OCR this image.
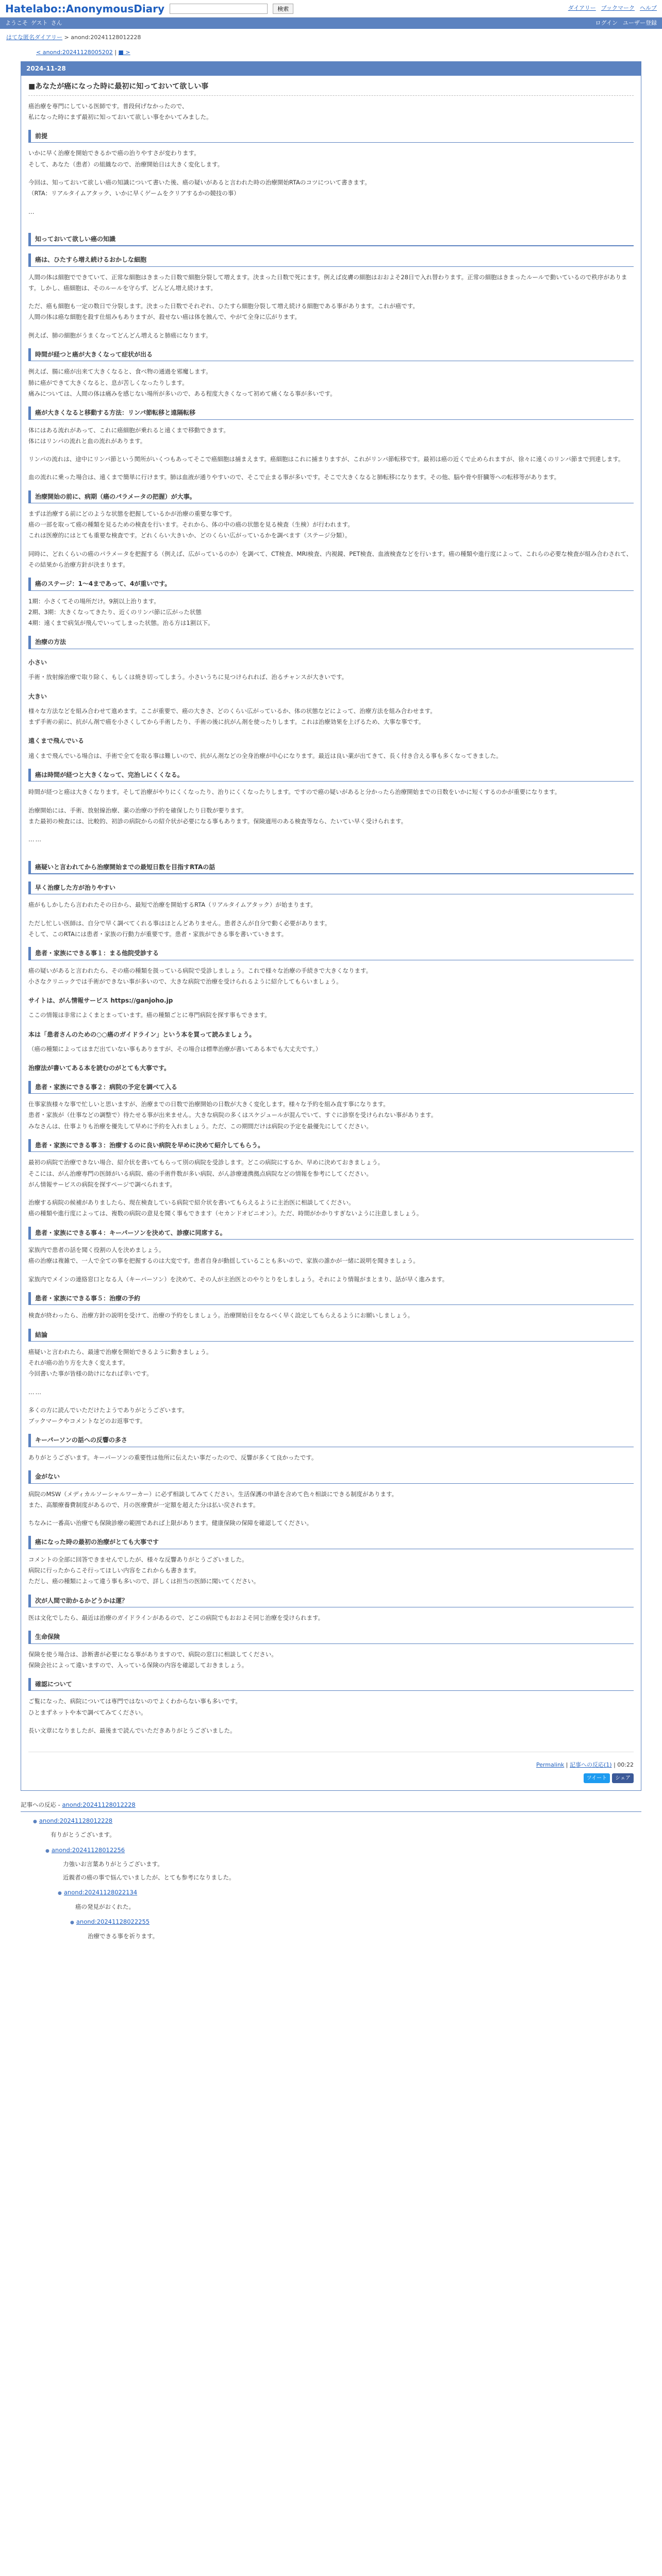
Hatelabo::AnonymousDiary	検索	ダイアリー ブックマーク ヘルプ
ようこそ ゲスト さん	ログイン ユーザー登録
はてな匿名ダイアリー > anond:20241128012228
< anond:20241128005202 | ■ >
2024-11-28
■あなたが癌になった時に最初に知っておいて欲しい事

癌治療を専門にしている医師です。普段何げなかったので、
私になった時にまず最初に知っておいて欲しい事をかいてみました。

前提

いかに早く治療を開始できるかで癌の治りやすさが変わります。
そして、あなた（患者）の組織なので、治療開始日は大きく変化します。

今回は、知っておいて欲しい癌の知識について書いた後、癌の疑いがあると言われた時の治療開始RTAのコツについて書きます。
（RTA：リアルタイムアタック、いかに早くゲームをクリアするかの競技の事）

…

知っておいて欲しい癌の知識
癌は、ひたすら増え続けるおかしな細胞

人間の体は細胞でできていて、正常な細胞はきまった日数で細胞分裂して増えます。決まった日数で死にます。例えば皮膚の細胞はおおよそ28日で入れ替わります。正常の細胞はきまったルールで動いているので秩序があります。しかし、癌細胞は、そのルールを守らず、どんどん増え続けます。

ただ、癌も細胞も一定の数日で分裂します。決まった日数でそれぞれ、ひたすら細胞分裂して増え続ける細胞である事があります。これが癌です。
人間の体は癌な細胞を殺す仕組みもありますが、殺せない癌は体を蝕んで、やがて全身に広がります。

例えば、肺の細胞がうまくなってどんどん増えると肺癌になります。

時間が経つと癌が大きくなって症状が出る

例えば、腸に癌が出来て大きくなると、食べ物の通過を邪魔します。
肺に癌ができて大きくなると、息が苦しくなったりします。
痛みについては、人間の体は痛みを感じない場所が多いので、ある程度大きくなって初めて痛くなる事が多いです。

癌が大きくなると移動する方法：リンパ節転移と遠隔転移

体にはある流れがあって、これに癌細胞が乗れると遠くまで移動できます。
体にはリンパの流れと血の流れがあります。

リンパの流れは、途中にリンパ節という関所がいくつもあってそこで癌細胞は捕まえます。癌細胞はこれに捕まりますが、これがリンパ節転移です。最初は癌の近くで止められますが、徐々に遠くのリンパ節まで到達します。

血の流れに乗った場合は、遠くまで簡単に行けます。肺は血液が通りやすいので、そこで止まる事が多いです。そこで大きくなると肺転移になります。その他、脳や骨や肝臓等への転移等があります。

治療開始の前に、病期（癌のパラメータの把握）が大事。

まずは治療する前にどのような状態を把握しているかが治療の重要な事です。
癌の一部を取って癌の種類を見るための検査を行います。それから、体の中の癌の状態を見る検査（生検）が行われます。
これは医療的にはとても重要な検査です。どれくらい大きいか、どのくらい広がっているかを調べます（ステージ分類）。

同時に、どれくらいの癌のパラメータを把握する（例えば、広がっているのか）を調べて、CT検査、MRI検査、内視鏡、PET検査、血液検査などを行います。癌の種類や進行度によって、これらの必要な検査が組み合わされて、その結果から治療方針が決まります。

癌のステージ：1～4まであって、4が重いです。

1期：小さくてその場所だけ。9割以上治ります。
2期、3期：大きくなってきたり、近くのリンパ節に広がった状態
4期：遠くまで病気が飛んでいってしまった状態。治る方は1割以下。

治療の方法
小さい

手術・放射線治療で取り除く、もしくは焼き切ってしまう。小さいうちに見つけられれば、治るチャンスが大きいです。

大きい

様々な方法などを組み合わせて進めます。ここが重要で、癌の大きさ、どのくらい広がっているか、体の状態などによって、治療方法を組み合わせます。
まず手術の前に、抗がん剤で癌を小さくしてから手術したり、手術の後に抗がん剤を使ったりします。これは治療効果を上げるため、大事な事です。

遠くまで飛んでいる

遠くまで飛んでいる場合は、手術で全てを取る事は難しいので、抗がん剤などの全身治療が中心になります。最近は良い薬が出てきて、長く付き合える事も多くなってきました。

癌は時間が経つと大きくなって、完治しにくくなる。

時間が経つと癌は大きくなります。そして治療がやりにくくなったり、治りにくくなったりします。ですので癌の疑いがあると分かったら治療開始までの日数をいかに短くするのかが重要になります。

治療開始には、手術、放射線治療、薬の治療の予約を確保したり日数が要ります。
また最初の検査には、比較的、初診の病院からの紹介状が必要になる事もあります。保険適用のある検査等なら、たいてい早く受けられます。

……

癌疑いと言われてから治療開始までの最短日数を目指すRTAの話
早く治療した方が治りやすい

癌がもしかしたら言われたその日から、最短で治療を開始するRTA（リアルタイムアタック）が始まります。

ただし忙しい医師は、自分で早く調べてくれる事はほとんどありません。患者さんが自分で動く必要があります。
そして、このRTAには患者・家族の行動力が重要です。患者・家族ができる事を書いていきます。

患者・家族にできる事１：まる他院受診する

癌の疑いがあると言われたら、その癌の種類を扱っている病院で受診しましょう。これで様々な治療の手続きで大きくなります。
小さなクリニックでは手術ができない事が多いので、大きな病院で治療を受けられるように紹介してもらいましょう。

サイトは、がん情報サービス https://ganjoho.jp

ここの情報は非常によくまとまっています。癌の種類ごとに専門病院を探す事もできます。

本は「患者さんのための○○癌のガイドライン」という本を買って読みましょう。

（癌の種類によってはまだ出ていない事もありますが、その場合は標準治療が書いてある本でも大丈夫です。）

治療法が書いてある本を読むのがとても大事です。
患者・家族にできる事２：病院の予定を調べて入る

仕事家族様々な事で忙しいと思いますが、治療までの日数で治療開始の日数が大きく変化します。様々な予約を組み直す事になります。
患者・家族が（仕事などの調整で）待たせる事が出来ません。大きな病院の多くはスケジュールが混んでいて、すぐに診察を受けられない事があります。
みなさんは、仕事よりも治療を優先して早めに予約を入れましょう。ただ、この期間だけは病院の予定を最優先にしてください。

患者・家族にできる事３：治療するのに良い病院を早めに決めて紹介してもらう。

最初の病院で治療できない場合、紹介状を書いてもらって別の病院を受診します。どこの病院にするか、早めに決めておきましょう。
そこには、がん治療専門の医師がいる病院、癌の手術件数が多い病院、がん診療連携拠点病院などの情報を参考にしてください。
がん情報サービスの病院を探すページで調べられます。

治療する病院の候補がありましたら、現在検査している病院で紹介状を書いてもらえるように主治医に相談してください。
癌の種類や進行度によっては、複数の病院の意見を聞く事もできます（セカンドオピニオン）。ただ、時間がかかりすぎないように注意しましょう。

患者・家族にできる事４：キーパーソンを決めて、診療に同席する。

家族内で患者の話を聞く役割の人を決めましょう。
癌の治療は複雑で、一人で全ての事を把握するのは大変です。患者自身が動揺していることも多いので、家族の誰かが一緒に説明を聞きましょう。

家族内でメインの連絡窓口となる人（キーパーソン）を決めて、その人が主治医とのやりとりをしましょう。それにより情報がまとまり、話が早く進みます。

患者・家族にできる事５：治療の予約

検査が終わったら、治療方針の説明を受けて、治療の予約をしましょう。治療開始日をなるべく早く設定してもらえるようにお願いしましょう。

結論

癌疑いと言われたら、最速で治療を開始できるように動きましょう。
それが癌の治り方を大きく変えます。
今回書いた事が皆様の助けになれば幸いです。

……

多くの方に読んでいただけたようでありがとうございます。
ブックマークやコメントなどのお返事です。

キーパーソンの話への反響の多さ

ありがとうございます。キーパーソンの重要性は他所に伝えたい事だったので、反響が多くて良かったです。

金がない

病院のMSW（メディカルソーシャルワーカー）に必ず相談してみてください。生活保護の申請を含めて色々相談にできる制度があります。
また、高額療養費制度があるので、月の医療費が一定額を超えた分は払い戻されます。

ちなみに一番高い治療でも保険診療の範囲であれば上限があります。健康保険の保障を確認してください。

癌になった時の最初の治療がとても大事です

コメントの全部に回答できませんでしたが、様々な反響ありがとうございました。
病院に行ったからこそ行ってほしい内容をこれからも書きます。
ただし、癌の種類によって違う事も多いので、詳しくは担当の医師に聞いてください。

次が人間で助かるかどうかは運？

医は文化でしたら、最近は治療のガイドラインがあるので、どこの病院でもおおよそ同じ治療を受けられます。

生命保険

保険を使う場合は、診断書が必要になる事がありますので、病院の窓口に相談してください。
保険会社によって違いますので、入っている保険の内容を確認しておきましょう。

確認について

ご覧になった、病院については専門ではないのでよくわからない事も多いです。
ひとまずネットや本で調べてみてください。

長い文章になりましたが、最後まで読んでいただきありがとうございました。

Permalink | 記事への反応(1) | 00:22
ツイート	シェア
記事への反応 - anond:20241128012228
● anond:20241128012228
有りがとうございます。
● anond:20241128012256
力強いお言葉ありがとうございます。
近親者の癌の事で悩んでいましたが、とても参考になりました。
● anond:20241128022134
癌の発見がおくれた。
● anond:20241128022255
治療できる事を祈ります。
